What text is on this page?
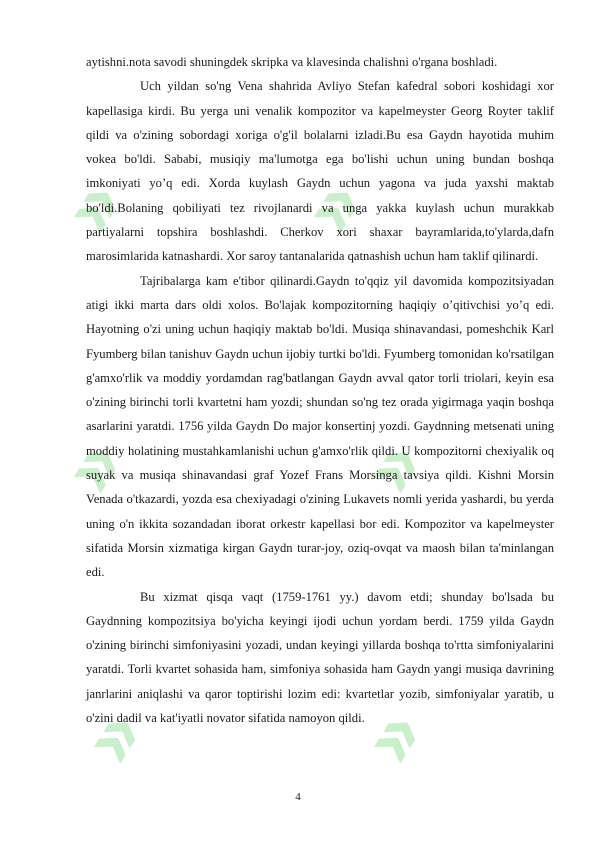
» »
»	»
» »

aytishni.nota savodi shuningdek skripka va klavesinda chalishni o'rgana boshladi.

Uch yildan so'ng Vena shahrida Avliyo Stefan kafedral sobori koshidagi xor kapellasiga kirdi. Bu yerga uni venalik kompozitor va kapelmeyster Georg Royter taklif qildi va o'zining sobordagi xoriga o'g'il bolalarni izladi.Bu esa Gaydn hayotida muhim vokea bo'ldi. Sababi, musiqiy ma'lumotga ega bo'lishi uchun uning bundan boshqa imkoniyati yo’q edi. Xorda kuylash Gaydn uchun yagona va juda yaxshi maktab bo'ldi.Bolaning qobiliyati tez rivojlanardi va unga yakka kuylash uchun murakkab partiyalarni topshira boshlashdi. Cherkov xori shaxar bayramlarida,to'ylarda,dafn marosimlarida katnashardi. Xor saroy tantanalarida qatnashish uchun ham taklif qilinardi.

Tajribalarga kam e'tibor qilinardi.Gaydn to'qqiz yil davomida kompozitsiyadan atigi ikki marta dars oldi xolos. Bo'lajak kompozitorning haqiqiy o’qitivchisi yo’q edi. Hayotning o'zi uning uchun haqiqiy maktab bo'ldi. Musiqa shinavandasi, pomeshchik Karl Fyumberg bilan tanishuv Gaydn uchun ijobiy turtki bo'ldi. Fyumberg tomonidan ko'rsatilgan g'amxo'rlik va moddiy yordamdan rag'batlangan Gaydn avval qator torli triolari, keyin esa o'zining birinchi torli kvartetni ham yozdi; shundan so'ng tez orada yigirmaga yaqin boshqa asarlarini yaratdi. 1756 yilda Gaydn Do major konsertinj yozdi. Gaydnning metsenati uning moddiy holatining mustahkamlanishi uchun g'amxo'rlik qildi. U kompozitorni chexiyalik oq suyak va musiqa shinavandasi graf Yozef Frans Morsinga tavsiya qildi. Kishni Morsin Venada o'tkazardi, yozda esa chexiyadagi o'zining Lukavets nomli yerida yashardi, bu yerda uning o'n ikkita sozandadan iborat orkestr kapellasi bor edi. Kompozitor va kapelmeyster sifatida Morsin xizmatiga kirgan Gaydn turar-joy, oziq-ovqat va maosh bilan ta'minlangan edi.

Bu xizmat qisqa vaqt (1759-1761 yy.) davom etdi; shunday bo'lsada bu Gaydnning kompozitsiya bo'yicha keyingi ijodi uchun yordam berdi. 1759 yilda Gaydn o'zining birinchi simfoniyasini yozadi, undan keyingi yillarda boshqa to'rtta simfoniyalarini yaratdi. Torli kvartet sohasida ham, simfoniya sohasida ham Gaydn yangi musiqa davrining janrlarini aniqlashi va qaror toptirishi lozim edi: kvartetlar yozib, simfoniyalar yaratib, u o'zini dadil va kat'iyatli novator sifatida namoyon qildi.

4
